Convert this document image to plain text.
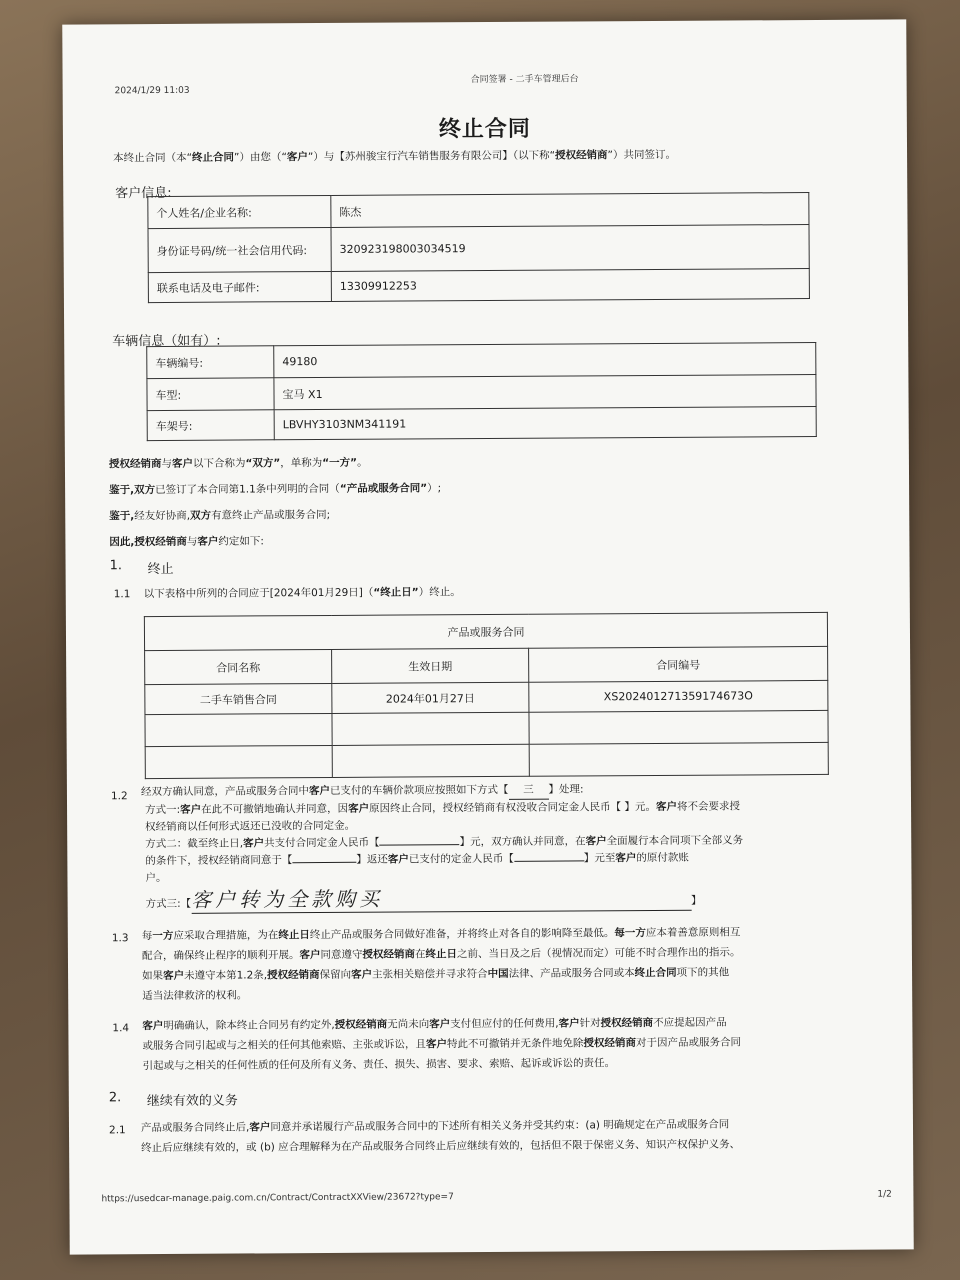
2024/1/29 11:03
合同签署 - 二手车管理后台
终止合同
本终止合同（本“终止合同”）由您（“客户”）与【苏州骏宝行汽车销售服务有限公司】（以下称“授权经销商”）共同签订。
客户信息:
个人姓名/企业名称:	陈杰
身份证号码/统一社会信用代码:	320923198003034519
联系电话及电子邮件:	13309912253
车辆信息（如有）:
车辆编号:	49180
车型:	宝马 X1
车架号:	LBVHY3103NM341191
授权经销商与客户以下合称为“双方”，单称为“一方”。
鉴于,双方已签订了本合同第1.1条中列明的合同（“产品或服务合同”）;
鉴于,经友好协商,双方有意终止产品或服务合同;
因此,授权经销商与客户约定如下:
1. 终止
1.1 以下表格中所列的合同应于[2024年01月29日]（“终止日”）终止。
产品或服务合同		
合同名称	生效日期	合同编号
二手车销售合同	2024年01月27日	XS202401271359174673O

1.2 经双方确认同意，产品或服务合同中客户已支付的车辆价款项应按照如下方式【 三 】处理:
方式一:客户在此不可撤销地确认并同意，因客户原因终止合同，授权经销商有权没收合同定金人民币【 】元。客户将不会要求授
权经销商以任何形式返还已没收的合同定金。
方式二：截至终止日,客户共支付合同定金人民币【	】元，双方确认并同意，在客户全面履行本合同项下全部义务
的条件下，授权经销商同意于【	】返还客户已支付的定金人民币【	】元至客户的原付款账
户。
方式三:【客户转为全款购买	】
1.3 每一方应采取合理措施，为在终止日终止产品或服务合同做好准备，并将终止对各自的影响降至最低。每一方应本着善意原则相互
配合，确保终止程序的顺利开展。客户同意遵守授权经销商在终止日之前、当日及之后（视情况而定）可能不时合理作出的指示。
如果客户未遵守本第1.2条,授权经销商保留向客户主张相关赔偿并寻求符合中国法律、产品或服务合同或本终止合同项下的其他
适当法律救济的权利。
1.4 客户明确确认，除本终止合同另有约定外,授权经销商无尚未向客户支付但应付的任何费用,客户针对授权经销商不应提起因产品
或服务合同引起或与之相关的任何其他索赔、主张或诉讼，且客户特此不可撤销并无条件地免除授权经销商对于因产品或服务合同
引起或与之相关的任何性质的任何及所有义务、责任、损失、损害、要求、索赔、起诉或诉讼的责任。
2. 继续有效的义务
2.1 产品或服务合同终止后,客户同意并承诺履行产品或服务合同中的下述所有相关义务并受其约束：(a) 明确规定在产品或服务合同
终止后应继续有效的，或 (b) 应合理解释为在产品或服务合同终止后应继续有效的，包括但不限于保密义务、知识产权保护义务、
https://usedcar-manage.paig.com.cn/Contract/ContractXXView/23672?type=7	1/2
